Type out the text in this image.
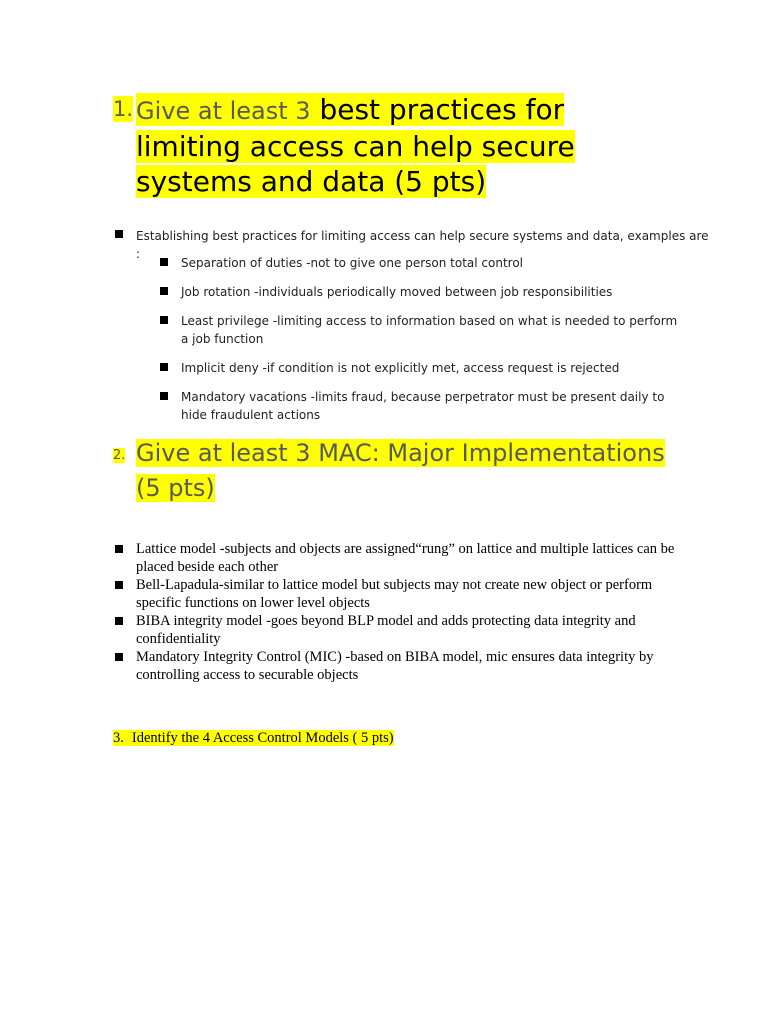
1. Give at least 3 best practices for limiting access can help secure systems and data (5 pts)
Establishing best practices for limiting access can help secure systems and data, examples are :
Separation of duties -not to give one person total control
Job rotation -individuals periodically moved between job responsibilities
Least privilege -limiting access to information based on what is needed to perform a job function
Implicit deny -if condition is not explicitly met, access request is rejected
Mandatory vacations -limits fraud, because perpetrator must be present daily to hide fraudulent actions
2. Give at least 3 MAC: Major Implementations (5 pts)
Lattice model -subjects and objects are assigned“rung” on lattice and multiple lattices can be placed beside each other
Bell-Lapadula-similar to lattice model but subjects may not create new object or perform specific functions on lower level objects
BIBA integrity model -goes beyond BLP model and adds protecting data integrity and confidentiality
Mandatory Integrity Control (MIC) -based on BIBA model, mic ensures data integrity by controlling access to securable objects
3. Identify the 4 Access Control Models ( 5 pts)
